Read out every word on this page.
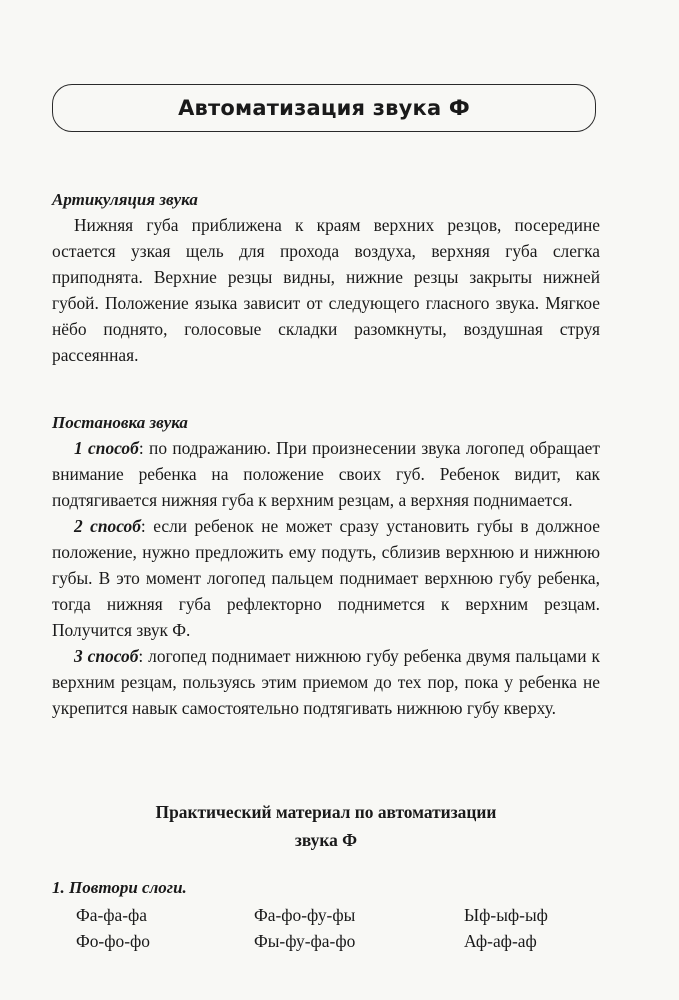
Автоматизация звука Ф

Артикуляция звука

Нижняя губа приближена к краям верхних резцов, посередине остается узкая щель для прохода воздуха, верхняя губа слегка приподнята. Верхние резцы видны, нижние резцы закрыты нижней губой. Положение языка зависит от следующего гласного звука. Мягкое нёбо поднято, голосовые складки разомкнуты, воздушная струя рассеянная.

Постановка звука

1 способ: по подражанию. При произнесении звука логопед обращает внимание ребенка на положение своих губ. Ребенок видит, как подтягивается нижняя губа к верхним резцам, а верхняя поднимается.

2 способ: если ребенок не может сразу установить губы в должное положение, нужно предложить ему подуть, сблизив верхнюю и нижнюю губы. В это момент логопед пальцем поднимает верхнюю губу ребенка, тогда нижняя губа рефлекторно поднимется к верхним резцам. Получится звук Ф.

3 способ: логопед поднимает нижнюю губу ребенка двумя пальцами к верхним резцам, пользуясь этим приемом до тех пор, пока у ребенка не укрепится навык самостоятельно подтягивать нижнюю губу кверху.

Практический материал по автоматизации
звука Ф

1. Повтори слоги.

Фа-фа-фа

Фо-фо-фо

Фа-фо-фу-фы

Фы-фу-фа-фо

Ыф-ыф-ыф

Аф-аф-аф
